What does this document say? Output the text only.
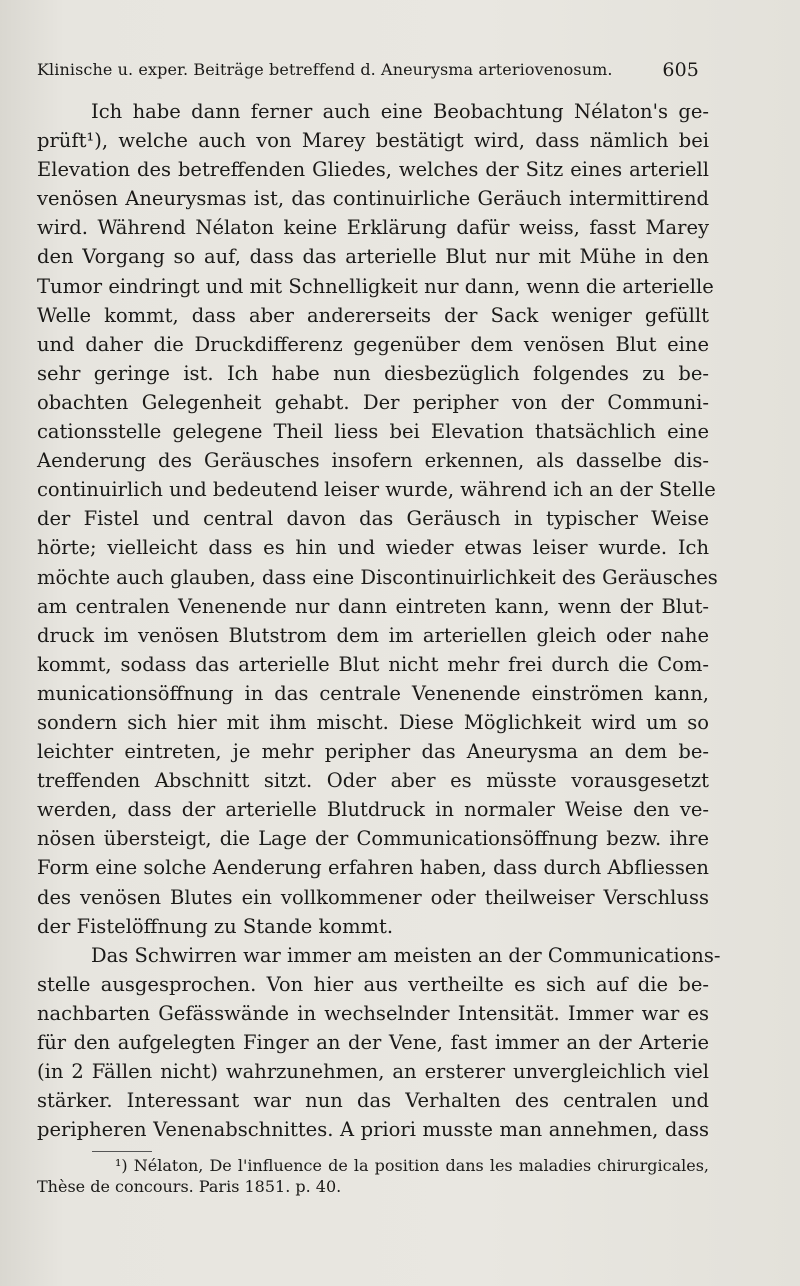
Klinische u. exper. Beiträge betreffend d. Aneurysma arteriovenosum.	605
Ich habe dann ferner auch eine Beobachtung Nélaton's ge-
prüft¹), welche auch von Marey bestätigt wird, dass nämlich bei
Elevation des betreffenden Gliedes, welches der Sitz eines arteriell
venösen Aneurysmas ist, das continuirliche Geräuch intermittirend
wird. Während Nélaton keine Erklärung dafür weiss, fasst Marey
den Vorgang so auf, dass das arterielle Blut nur mit Mühe in den
Tumor eindringt und mit Schnelligkeit nur dann, wenn die arterielle
Welle kommt, dass aber andererseits der Sack weniger gefüllt
und daher die Druckdifferenz gegenüber dem venösen Blut eine
sehr geringe ist. Ich habe nun diesbezüglich folgendes zu be-
obachten Gelegenheit gehabt. Der peripher von der Communi-
cationsstelle gelegene Theil liess bei Elevation thatsächlich eine
Aenderung des Geräusches insofern erkennen, als dasselbe dis-
continuirlich und bedeutend leiser wurde, während ich an der Stelle
der Fistel und central davon das Geräusch in typischer Weise
hörte; vielleicht dass es hin und wieder etwas leiser wurde. Ich
möchte auch glauben, dass eine Discontinuirlichkeit des Geräusches
am centralen Venenende nur dann eintreten kann, wenn der Blut-
druck im venösen Blutstrom dem im arteriellen gleich oder nahe
kommt, sodass das arterielle Blut nicht mehr frei durch die Com-
municationsöffnung in das centrale Venenende einströmen kann,
sondern sich hier mit ihm mischt. Diese Möglichkeit wird um so
leichter eintreten, je mehr peripher das Aneurysma an dem be-
treffenden Abschnitt sitzt. Oder aber es müsste vorausgesetzt
werden, dass der arterielle Blutdruck in normaler Weise den ve-
nösen übersteigt, die Lage der Communicationsöffnung bezw. ihre
Form eine solche Aenderung erfahren haben, dass durch Abfliessen
des venösen Blutes ein vollkommener oder theilweiser Verschluss
der Fistelöffnung zu Stande kommt.
Das Schwirren war immer am meisten an der Communications-
stelle ausgesprochen. Von hier aus vertheilte es sich auf die be-
nachbarten Gefässwände in wechselnder Intensität. Immer war es
für den aufgelegten Finger an der Vene, fast immer an der Arterie
(in 2 Fällen nicht) wahrzunehmen, an ersterer unvergleichlich viel
stärker. Interessant war nun das Verhalten des centralen und
peripheren Venenabschnittes. A priori musste man annehmen, dass
¹) Nélaton, De l'influence de la position dans les maladies chirurgicales,
Thèse de concours. Paris 1851. p. 40.
